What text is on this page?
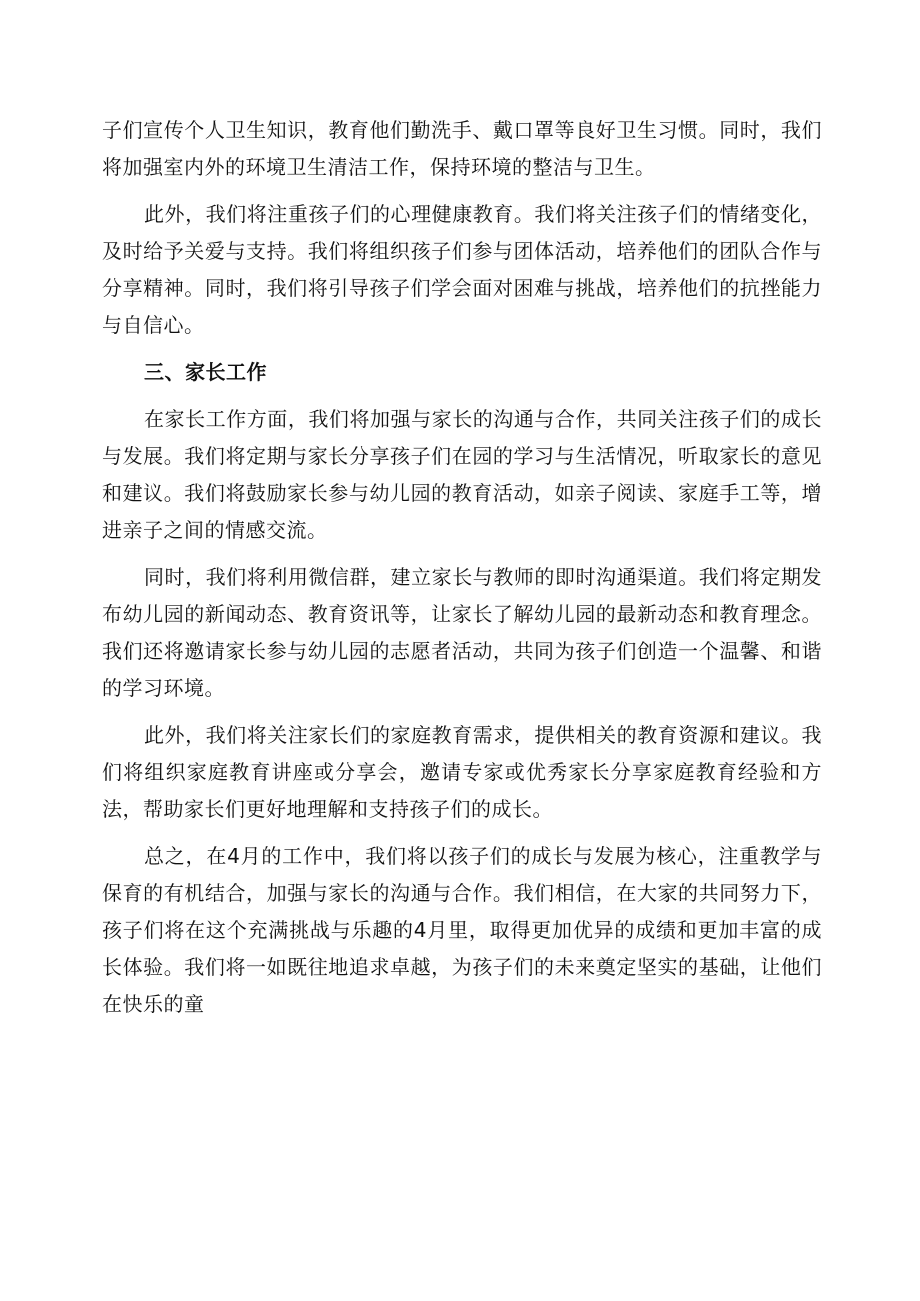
子们宣传个人卫生知识，教育他们勤洗手、戴口罩等良好卫生习惯。同时，我们将加强室内外的环境卫生清洁工作，保持环境的整洁与卫生。

此外，我们将注重孩子们的心理健康教育。我们将关注孩子们的情绪变化，及时给予关爱与支持。我们将组织孩子们参与团体活动，培养他们的团队合作与分享精神。同时，我们将引导孩子们学会面对困难与挑战，培养他们的抗挫能力与自信心。

三、家长工作

在家长工作方面，我们将加强与家长的沟通与合作，共同关注孩子们的成长与发展。我们将定期与家长分享孩子们在园的学习与生活情况，听取家长的意见和建议。我们将鼓励家长参与幼儿园的教育活动，如亲子阅读、家庭手工等，增进亲子之间的情感交流。

同时，我们将利用微信群，建立家长与教师的即时沟通渠道。我们将定期发布幼儿园的新闻动态、教育资讯等，让家长了解幼儿园的最新动态和教育理念。我们还将邀请家长参与幼儿园的志愿者活动，共同为孩子们创造一个温馨、和谐的学习环境。

此外，我们将关注家长们的家庭教育需求，提供相关的教育资源和建议。我们将组织家庭教育讲座或分享会，邀请专家或优秀家长分享家庭教育经验和方法，帮助家长们更好地理解和支持孩子们的成长。

总之，在4月的工作中，我们将以孩子们的成长与发展为核心，注重教学与保育的有机结合，加强与家长的沟通与合作。我们相信，在大家的共同努力下，孩子们将在这个充满挑战与乐趣的4月里，取得更加优异的成绩和更加丰富的成长体验。我们将一如既往地追求卓越，为孩子们的未来奠定坚实的基础，让他们在快乐的童
